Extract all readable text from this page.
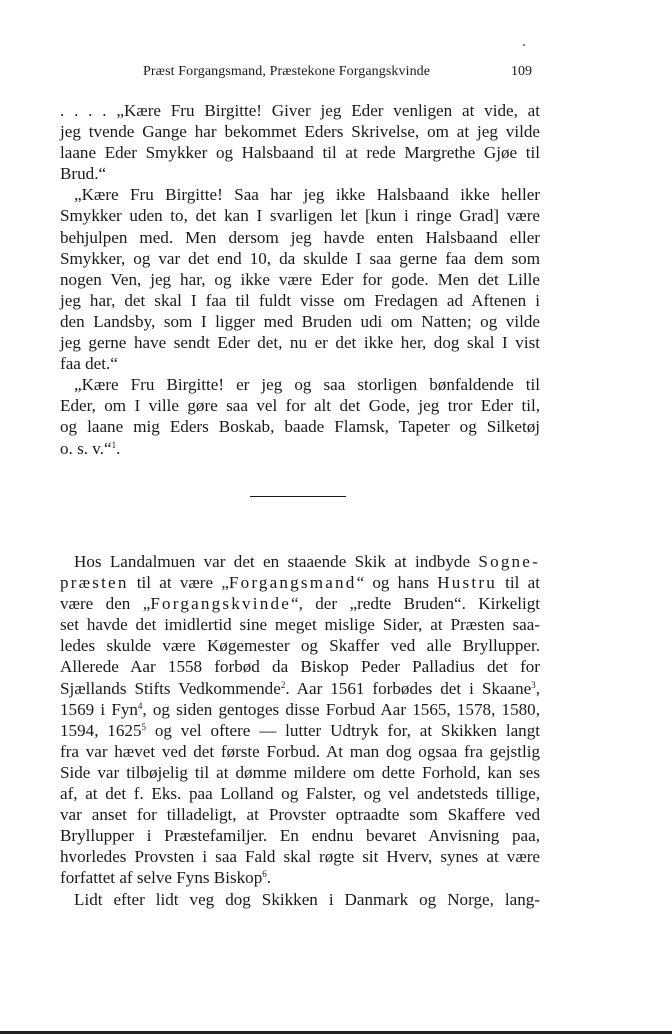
Præst Forgangsmand, Præstekone Forgangskvinde	109

. . . . „Kære Fru Birgitte! Giver jeg Eder venligen at vide, at
jeg tvende Gange har bekommet Eders Skrivelse, om at jeg vilde
laane Eder Smykker og Halsbaand til at rede Margrethe Gjøe til
Brud.“

„Kære Fru Birgitte! Saa har jeg ikke Halsbaand ikke heller
Smykker uden to, det kan I svarligen let [kun i ringe Grad] være
behjulpen med. Men dersom jeg havde enten Halsbaand eller
Smykker, og var det end 10, da skulde I saa gerne faa dem som
nogen Ven, jeg har, og ikke være Eder for gode. Men det Lille
jeg har, det skal I faa til fuldt visse om Fredagen ad Aftenen i
den Landsby, som I ligger med Bruden udi om Natten; og vilde
jeg gerne have sendt Eder det, nu er det ikke her, dog skal I vist
faa det.“

„Kære Fru Birgitte! er jeg og saa storligen bønfaldende til
Eder, om I ville gøre saa vel for alt det Gode, jeg tror Eder til,
og laane mig Eders Boskab, baade Flamsk, Tapeter og Silketøj
o. s. v.“$^1$.

Hos Landalmuen var det en staaende Skik at indbyde Sogne-
præsten til at være „Forgangsmand“ og hans Hustru til at
være den „Forgangskvinde“, der „redte Bruden“. Kirkeligt
set havde det imidlertid sine meget mislige Sider, at Præsten saa-
ledes skulde være Køgemester og Skaffer ved alle Bryllupper.
Allerede Aar 1558 forbød da Biskop Peder Palladius det for
Sjællands Stifts Vedkommende$^2$. Aar 1561 forbødes det i Skaane$^3$,
1569 i Fyn$^4$, og siden gentoges disse Forbud Aar 1565, 1578, 1580,
1594, 1625$^5$ og vel oftere — lutter Udtryk for, at Skikken langt
fra var hævet ved det første Forbud. At man dog ogsaa fra gejstlig
Side var tilbøjelig til at dømme mildere om dette Forhold, kan ses
af, at det f. Eks. paa Lolland og Falster, og vel andetsteds tillige,
var anset for tilladeligt, at Provster optraadte som Skaffere ved
Bryllupper i Præstefamiljer. En endnu bevaret Anvisning paa,
hvorledes Provsten i saa Fald skal røgte sit Hverv, synes at være
forfattet af selve Fyns Biskop$^6$.

Lidt efter lidt veg dog Skikken i Danmark og Norge, lang-
